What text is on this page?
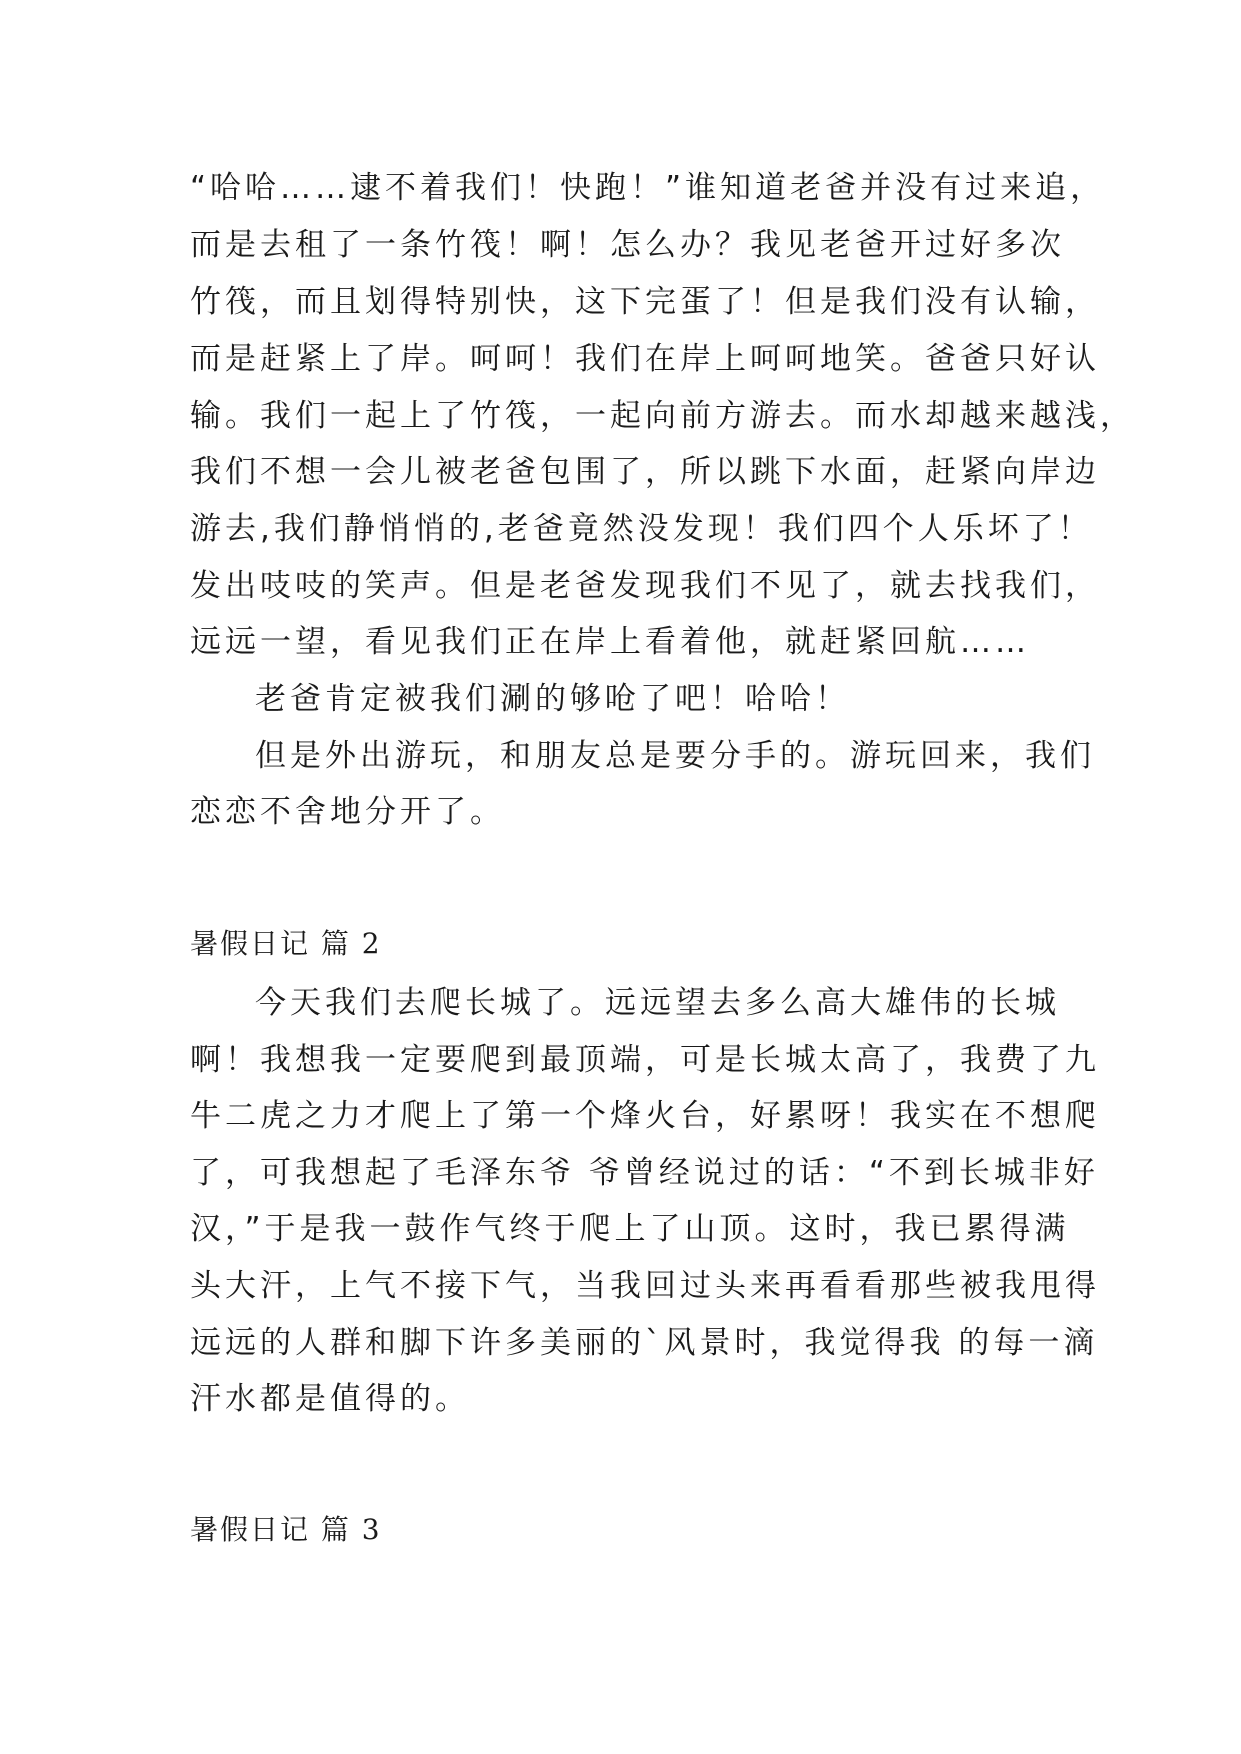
“哈哈……逮不着我们！快跑！”谁知道老爸并没有过来追，

而是去租了一条竹筏！啊！怎么办？我见老爸开过好多次

竹筏，而且划得特别快，这下完蛋了！但是我们没有认输，

而是赶紧上了岸。呵呵！我们在岸上呵呵地笑。爸爸只好认

输。我们一起上了竹筏，一起向前方游去。而水却越来越浅，

我们不想一会儿被老爸包围了，所以跳下水面，赶紧向岸边

游去,我们静悄悄的,老爸竟然没发现！我们四个人乐坏了！

发出吱吱的笑声。但是老爸发现我们不见了，就去找我们，

远远一望，看见我们正在岸上看着他，就赶紧回航……

老爸肯定被我们涮的够呛了吧！哈哈！

但是外出游玩，和朋友总是要分手的。游玩回来，我们

恋恋不舍地分开了。

暑假日记 篇 2

今天我们去爬长城了。远远望去多么高大雄伟的长城

啊！我想我一定要爬到最顶端，可是长城太高了，我费了九

牛二虎之力才爬上了第一个烽火台，好累呀！我实在不想爬

了，可我想起了毛泽东爷 爷曾经说过的话：“不到长城非好

汉，”于是我一鼓作气终于爬上了山顶。这时，我已累得满

头大汗，上气不接下气，当我回过头来再看看那些被我甩得

远远的人群和脚下许多美丽的`风景时，我觉得我 的每一滴

汗水都是值得的。

暑假日记 篇 3
